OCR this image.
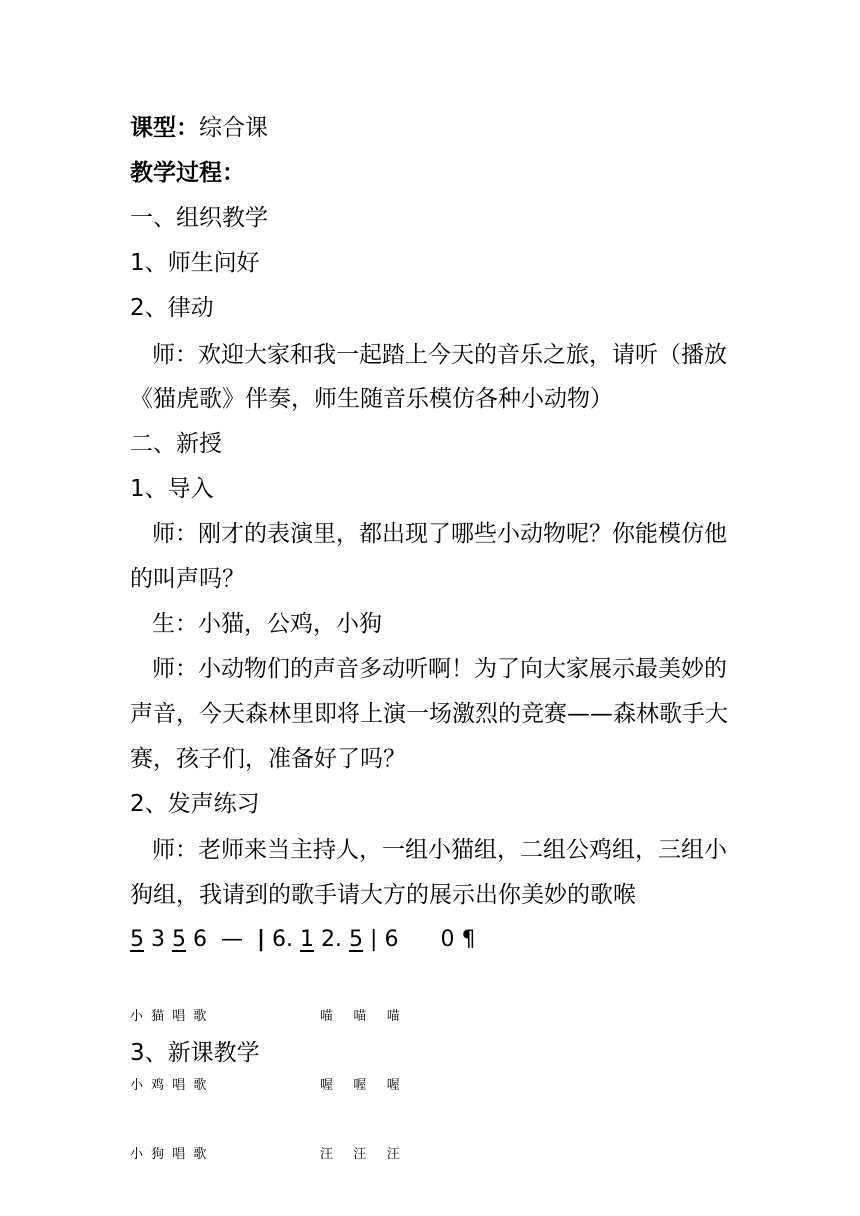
课型：综合课
教学过程：
一、组织教学
1、师生问好
2、律动
师：欢迎大家和我一起踏上今天的音乐之旅，请听（播放
《猫虎歌》伴奏，师生随音乐模仿各种小动物）
二、新授
1、导入
师：刚才的表演里，都出现了哪些小动物呢？你能模仿他
的叫声吗？
生：小猫，公鸡，小狗
师：小动物们的声音多动听啊！为了向大家展示最美妙的
声音，今天森林里即将上演一场激烈的竞赛——森林歌手大
赛，孩子们，准备好了吗？
2、发声练习
师：老师来当主持人，一组小猫组，二组公鸡组，三组小
狗组，我请到的歌手请大方的展示出你美妙的歌喉
5 3 5 6 — | 6. 1 2. 5 | 6 0 ¶

小 猫 唱 歌

小 鸡 唱 歌

小 狗 唱 歌

喵   喵   喵

喔   喔   喔

汪   汪   汪

3、新课教学
